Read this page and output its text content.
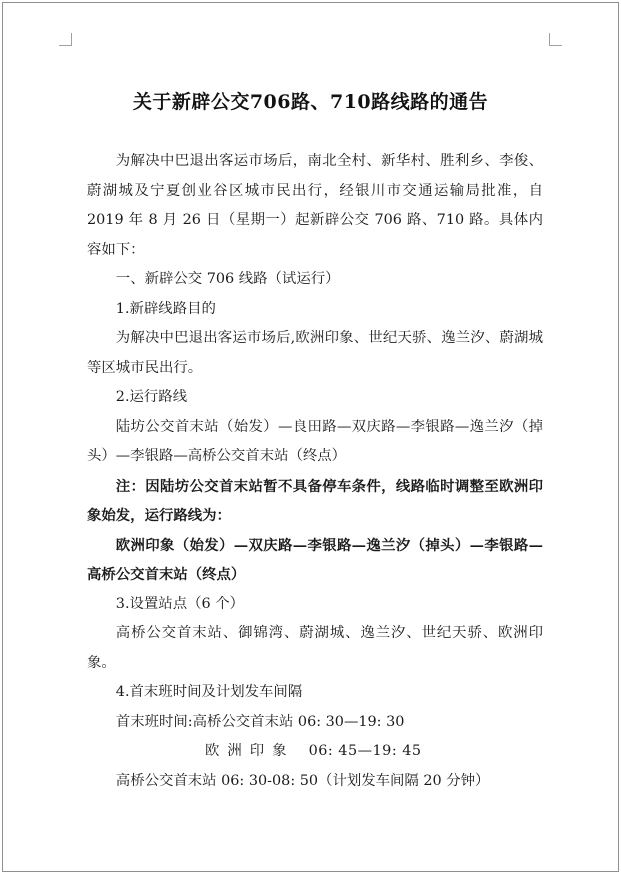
关于新辟公交706路、710路线路的通告

为解决中巴退出客运市场后，南北全村、新华村、胜利乡、李俊、蔚湖城及宁夏创业谷区城市民出行，经银川市交通运输局批准，自 2019 年 8 月 26 日（星期一）起新辟公交 706 路、710 路。具体内容如下：

一、新辟公交 706 线路（试运行）

1.新辟线路目的

为解决中巴退出客运市场后,欧洲印象、世纪天骄、逸兰汐、蔚湖城等区城市民出行。

2.运行路线

陆坊公交首末站（始发）—良田路—双庆路—李银路—逸兰汐（掉头）—李银路—高桥公交首末站（终点）

注：因陆坊公交首末站暂不具备停车条件，线路临时调整至欧洲印象始发，运行路线为：

欧洲印象（始发）—双庆路—李银路—逸兰汐（掉头）—李银路—高桥公交首末站（终点）

3.设置站点（6 个）

高桥公交首末站、御锦湾、蔚湖城、逸兰汐、世纪天骄、欧洲印象。

4.首末班时间及计划发车间隔

首末班时间:高桥公交首末站 06: 30—19: 30

欧洲印象 06: 45—19: 45

高桥公交首末站 06: 30-08: 50（计划发车间隔 20 分钟）
